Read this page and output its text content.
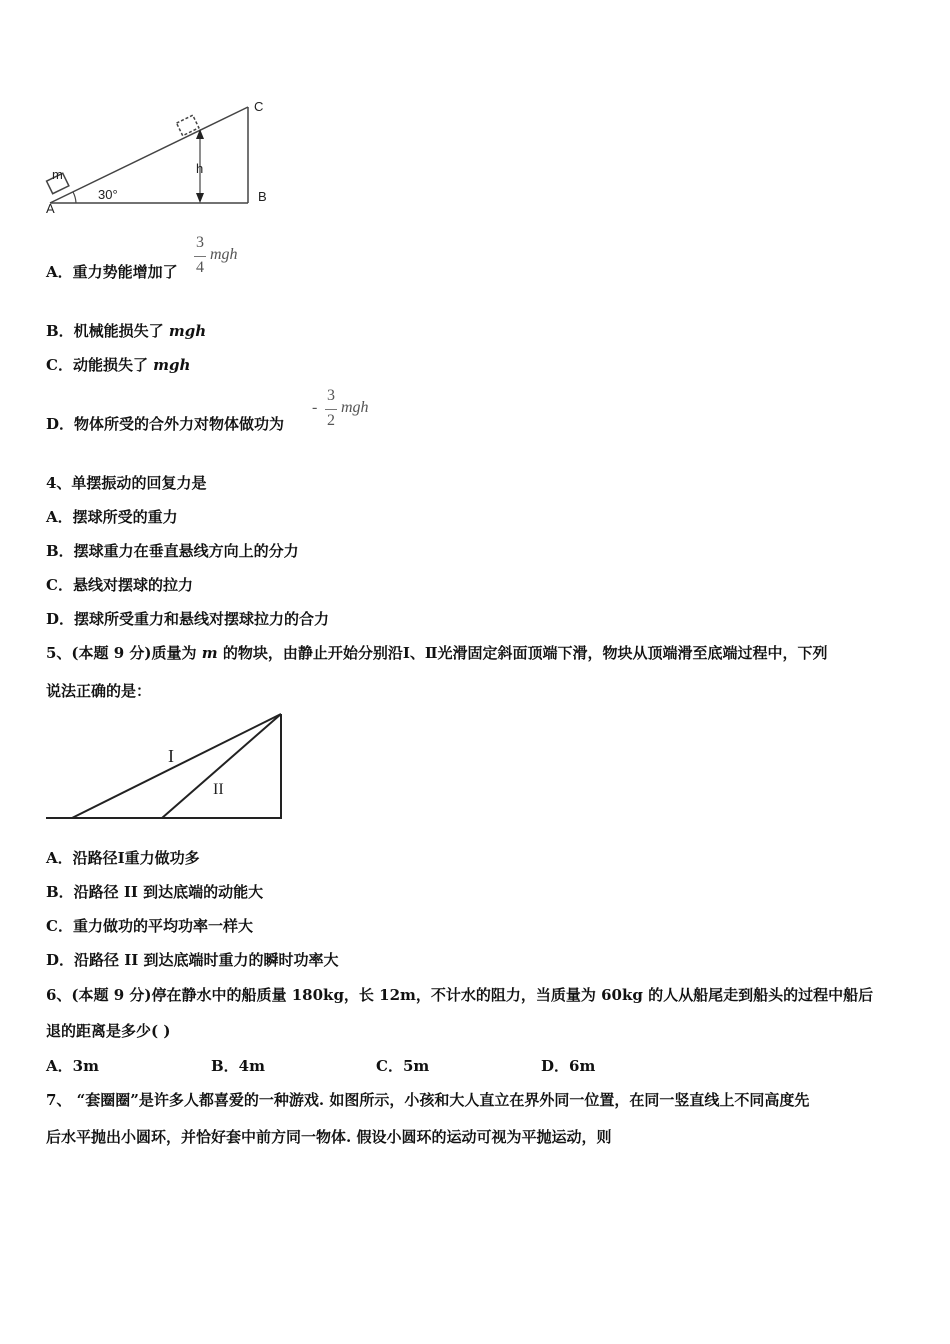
m
30°
h
A
B
C
A．重力势能增加了
3
4
mgh
B．机械能损失了 mgh
C．动能损失了 mgh
D．物体所受的合外力对物体做功为
-
3
2
mgh
4、单摆振动的回复力是
A．摆球所受的重力
B．摆球重力在垂直悬线方向上的分力
C．悬线对摆球的拉力
D．摆球所受重力和悬线对摆球拉力的合力
5、(本题 9 分)质量为 m 的物块，由静止开始分别沿Ⅰ、Ⅱ光滑固定斜面顶端下滑，物块从顶端滑至底端过程中，下列
说法正确的是：
I
II
A．沿路径Ⅰ重力做功多
B．沿路径 II 到达底端的动能大
C．重力做功的平均功率一样大
D．沿路径 II 到达底端时重力的瞬时功率大
6、(本题 9 分)停在静水中的船质量 180kg，长 12m，不计水的阻力，当质量为 60kg 的人从船尾走到船头的过程中船后
退的距离是多少( )
A．3m	B．4m	C．5m	D．6m
7、 “套圈圈”是许多人都喜爱的一种游戏. 如图所示，小孩和大人直立在界外同一位置，在同一竖直线上不同高度先
后水平抛出小圆环，并恰好套中前方同一物体. 假设小圆环的运动可视为平抛运动，则
